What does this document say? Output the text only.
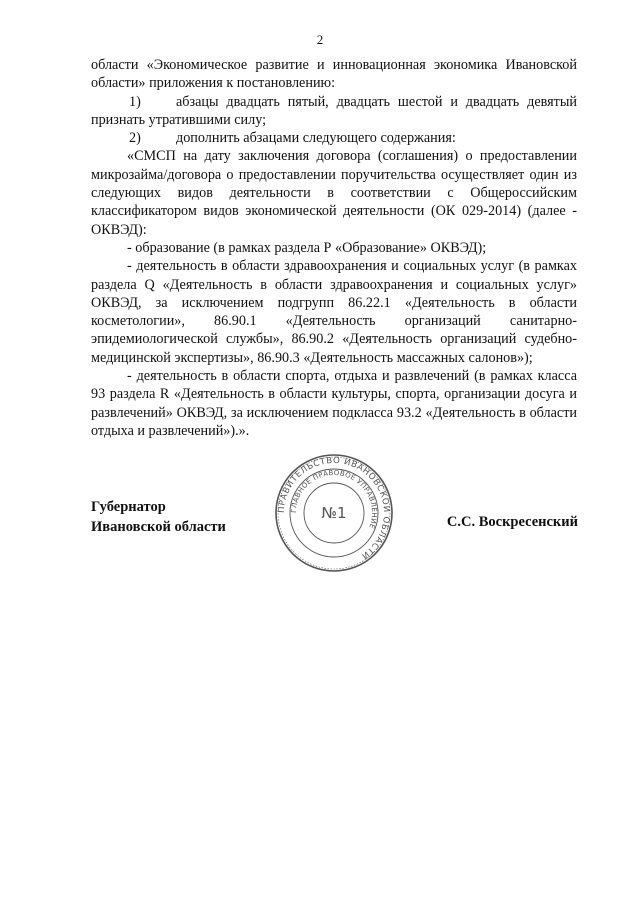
2

области «Экономическое развитие и инновационная экономика Ивановской области» приложения к постановлению:

1) абзацы двадцать пятый, двадцать шестой и двадцать девятый признать утратившими силу;

2) дополнить абзацами следующего содержания:

«СМСП на дату заключения договора (соглашения) о предоставлении микрозайма/договора о предоставлении поручительства осуществляет один из следующих видов деятельности в соответствии с Общероссийским классификатором видов экономической деятельности (ОК 029-2014) (далее - ОКВЭД):

- образование (в рамках раздела Р «Образование» ОКВЭД);

- деятельность в области здравоохранения и социальных услуг (в рамках раздела Q «Деятельность в области здравоохранения и социальных услуг» ОКВЭД, за исключением подгрупп 86.22.1 «Деятельность в области косметологии», 86.90.1 «Деятельность организаций санитарно-эпидемиологической службы», 86.90.2 «Деятельность организаций судебно-медицинской экспертизы», 86.90.3 «Деятельность массажных салонов»);

- деятельность в области спорта, отдыха и развлечений (в рамках класса 93 раздела R «Деятельность в области культуры, спорта, организации досуга и развлечений» ОКВЭД, за исключением подкласса 93.2 «Деятельность в области отдыха и развлечений»).».

Губернатор
Ивановской области	С.С. Воскресенский
ПРАВИТЕЛЬСТВО ИВАНОВСКОЙ ОБЛАСТИ
ГЛАВНОЕ ПРАВОВОЕ УПРАВЛЕНИЕ
№1
